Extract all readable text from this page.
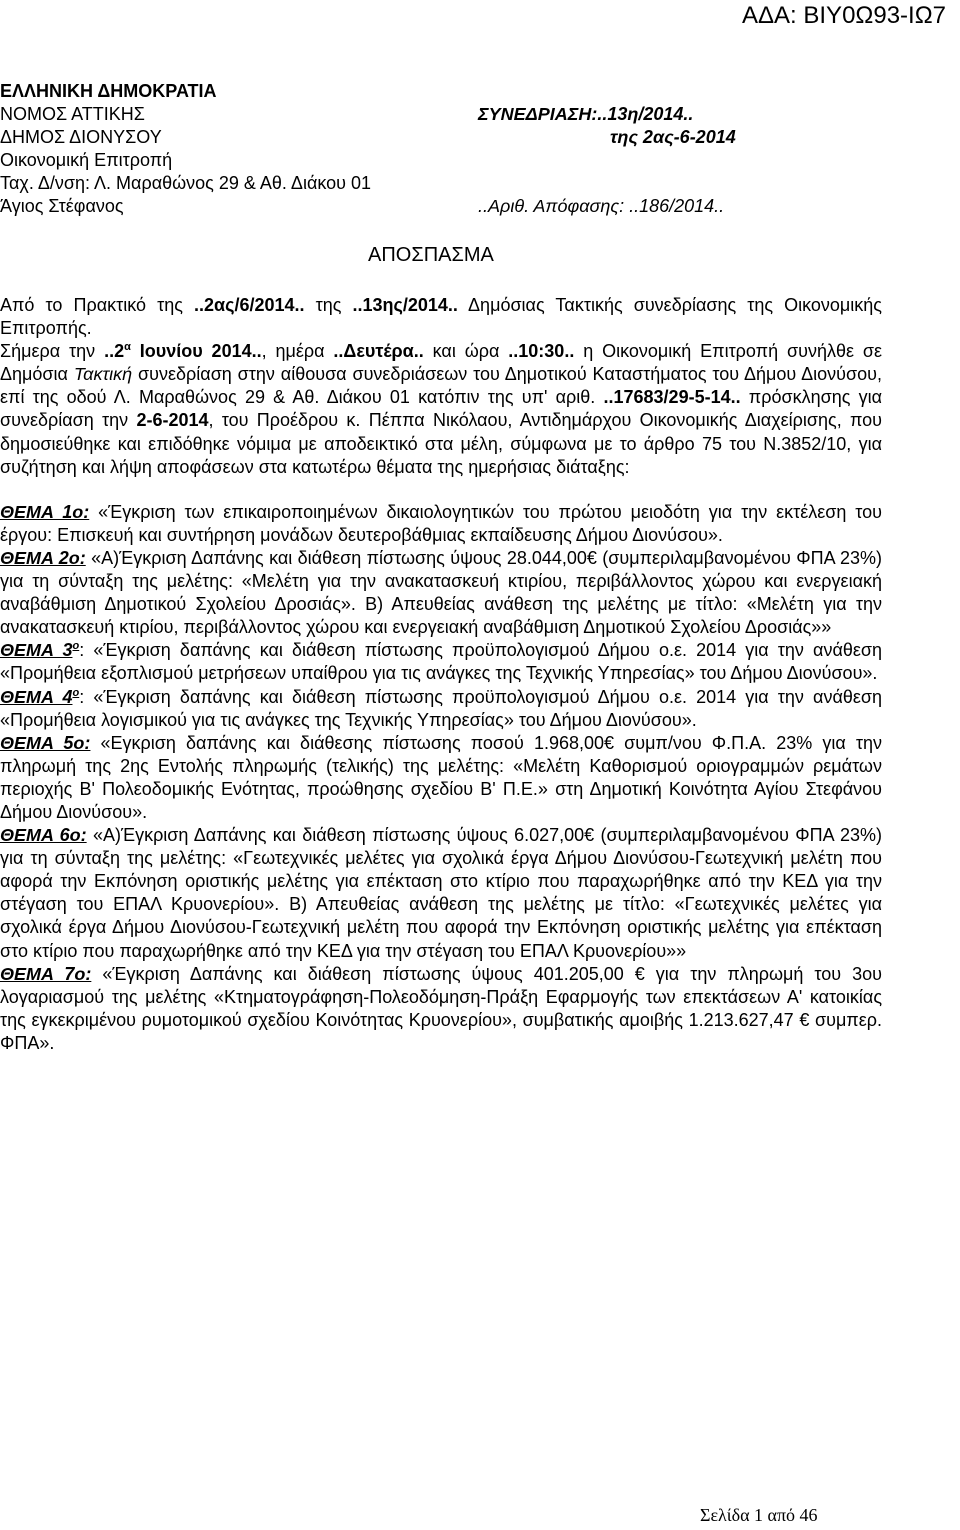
ΑΔΑ: ΒΙΥ0Ω93-ΙΩ7
ΕΛΛΗΝΙΚΗ ΔΗΜΟΚΡΑΤΙΑ
ΝΟΜΟΣ ΑΤΤΙΚΗΣ
ΔΗΜΟΣ ΔΙΟΝΥΣΟΥ
Οικονομική Επιτροπή
Ταχ. Δ/νση: Λ. Μαραθώνος 29 & Αθ. Διάκου 01
Άγιος Στέφανος
ΣΥΝΕΔΡΙΑΣΗ:..13η/2014..
της 2ας-6-2014
..Αριθ. Απόφασης: ..186/2014..
ΑΠΟΣΠΑΣΜΑ

Από το Πρακτικό της ..2ας/6/2014.. της ..13ης/2014.. Δημόσιας Τακτικής συνεδρίασης της Οικονομικής Επιτροπής.

Σήμερα την $..2^\alpha$ Ιουνίου 2014.., ημέρα ..Δευτέρα.. και ώρα ..10:30.. η Οικονομική Επιτροπή συνήλθε σε Δημόσια Τακτική συνεδρίαση στην αίθουσα συνεδριάσεων του Δημοτικού Καταστήματος του Δήμου Διονύσου, επί της οδού Λ. Μαραθώνος 29 & Αθ. Διάκου 01 κατόπιν της υπ' αριθ. ..17683/29-5-14.. πρόσκλησης για συνεδρίαση την 2-6-2014, του Προέδρου κ. Πέππα Νικόλαου, Αντιδημάρχου Οικονομικής Διαχείρισης, που δημοσιεύθηκε και επιδόθηκε νόμιμα με αποδεικτικό στα μέλη, σύμφωνα με το άρθρο 75 του Ν.3852/10, για συζήτηση και λήψη αποφάσεων στα κατωτέρω θέματα της ημερήσιας διάταξης:

ΘΕΜΑ 1ο: «Έγκριση των επικαιροποιημένων δικαιολογητικών του πρώτου μειοδότη για την εκτέλεση του έργου: Επισκευή και συντήρηση μονάδων δευτεροβάθμιας εκπαίδευσης Δήμου Διονύσου».

ΘΕΜΑ 2ο: «Α)Έγκριση Δαπάνης και διάθεση πίστωσης ύψους 28.044,00€ (συμπεριλαμβανομένου ΦΠΑ 23%) για τη σύνταξη της μελέτης: «Μελέτη για την ανακατασκευή κτιρίου, περιβάλλοντος χώρου και ενεργειακή αναβάθμιση Δημοτικού Σχολείου Δροσιάς». Β) Απευθείας ανάθεση της μελέτης με τίτλο: «Μελέτη για την ανακατασκευή κτιρίου, περιβάλλοντος χώρου και ενεργειακή αναβάθμιση Δημοτικού Σχολείου Δροσιάς»»

ΘΕΜΑ $3^o$: «Έγκριση δαπάνης και διάθεση πίστωσης προϋπολογισμού Δήμου ο.ε. 2014 για την ανάθεση «Προμήθεια εξοπλισμού μετρήσεων υπαίθρου για τις ανάγκες της Τεχνικής Υπηρεσίας» του Δήμου Διονύσου».

ΘΕΜΑ $4^o$: «Έγκριση δαπάνης και διάθεση πίστωσης προϋπολογισμού Δήμου ο.ε. 2014 για την ανάθεση «Προμήθεια λογισμικού για τις ανάγκες της Τεχνικής Υπηρεσίας» του Δήμου Διονύσου».

ΘΕΜΑ 5ο: «Εγκριση δαπάνης και διάθεσης πίστωσης ποσού 1.968,00€ συμπ/νου Φ.Π.Α. 23% για την πληρωμή της 2ης Εντολής πληρωμής (τελικής) της μελέτης: «Μελέτη Καθορισμού οριογραμμών ρεμάτων περιοχής Β' Πολεοδομικής Ενότητας, προώθησης σχεδίου Β' Π.Ε.» στη Δημοτική Κοινότητα Αγίου Στεφάνου Δήμου Διονύσου».

ΘΕΜΑ 6ο: «Α)Έγκριση Δαπάνης και διάθεση πίστωσης ύψους 6.027,00€ (συμπεριλαμβανομένου ΦΠΑ 23%) για τη σύνταξη της μελέτης: «Γεωτεχνικές μελέτες για σχολικά έργα Δήμου Διονύσου-Γεωτεχνική μελέτη που αφορά την Εκπόνηση οριστικής μελέτης για επέκταση στο κτίριο που παραχωρήθηκε από την ΚΕΔ για την στέγαση του ΕΠΑΛ Κρυονερίου». Β) Απευθείας ανάθεση της μελέτης με τίτλο: «Γεωτεχνικές μελέτες για σχολικά έργα Δήμου Διονύσου-Γεωτεχνική μελέτη που αφορά την Εκπόνηση οριστικής μελέτης για επέκταση στο κτίριο που παραχωρήθηκε από την ΚΕΔ για την στέγαση του ΕΠΑΛ Κρυονερίου»»

ΘΕΜΑ 7ο: «Έγκριση Δαπάνης και διάθεση πίστωσης ύψους 401.205,00 € για την πληρωμή του 3ου λογαριασμού της μελέτης «Κτηματογράφηση-Πολεοδόμηση-Πράξη Εφαρμογής των επεκτάσεων Α' κατοικίας της εγκεκριμένου ρυμοτομικού σχεδίου Κοινότητας Κρυονερίου», συμβατικής αμοιβής 1.213.627,47 € συμπερ. ΦΠΑ».

Σελίδα 1 από 46
